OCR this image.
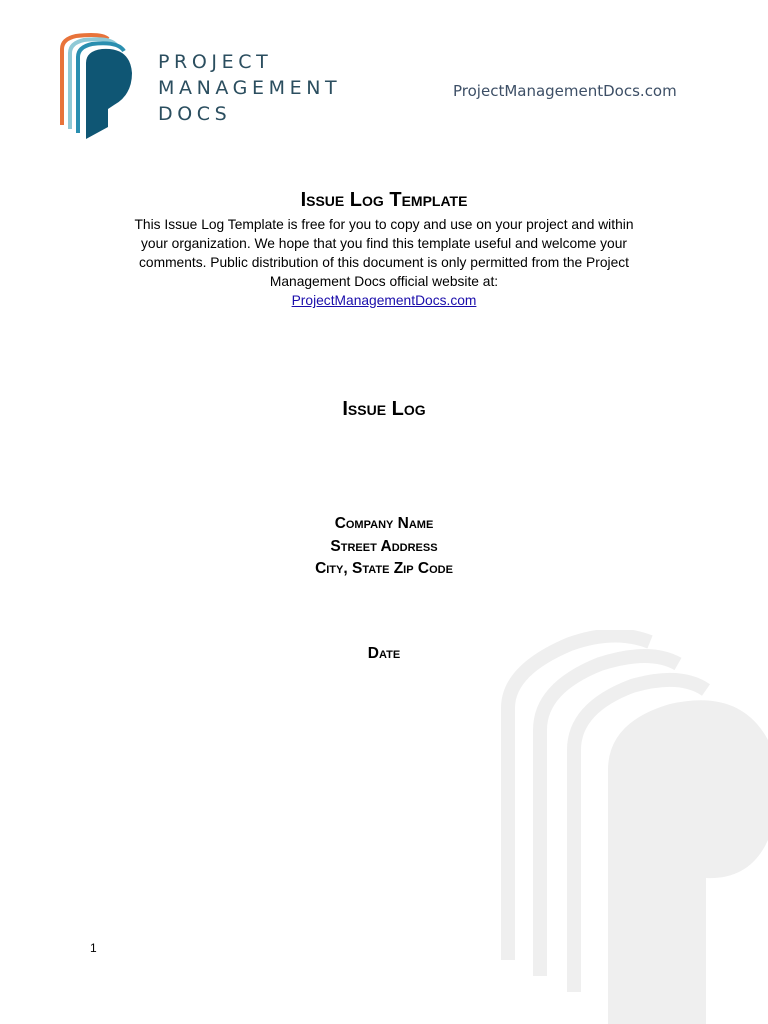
PROJECT
MANAGEMENT
DOCS
ProjectManagementDocs.com
Issue Log Template
This Issue Log Template is free for you to copy and use on your project and within your organization. We hope that you find this template useful and welcome your comments. Public distribution of this document is only permitted from the Project Management Docs official website at:
ProjectManagementDocs.com
Issue Log
Company Name
Street Address
City, State Zip Code
Date
1
